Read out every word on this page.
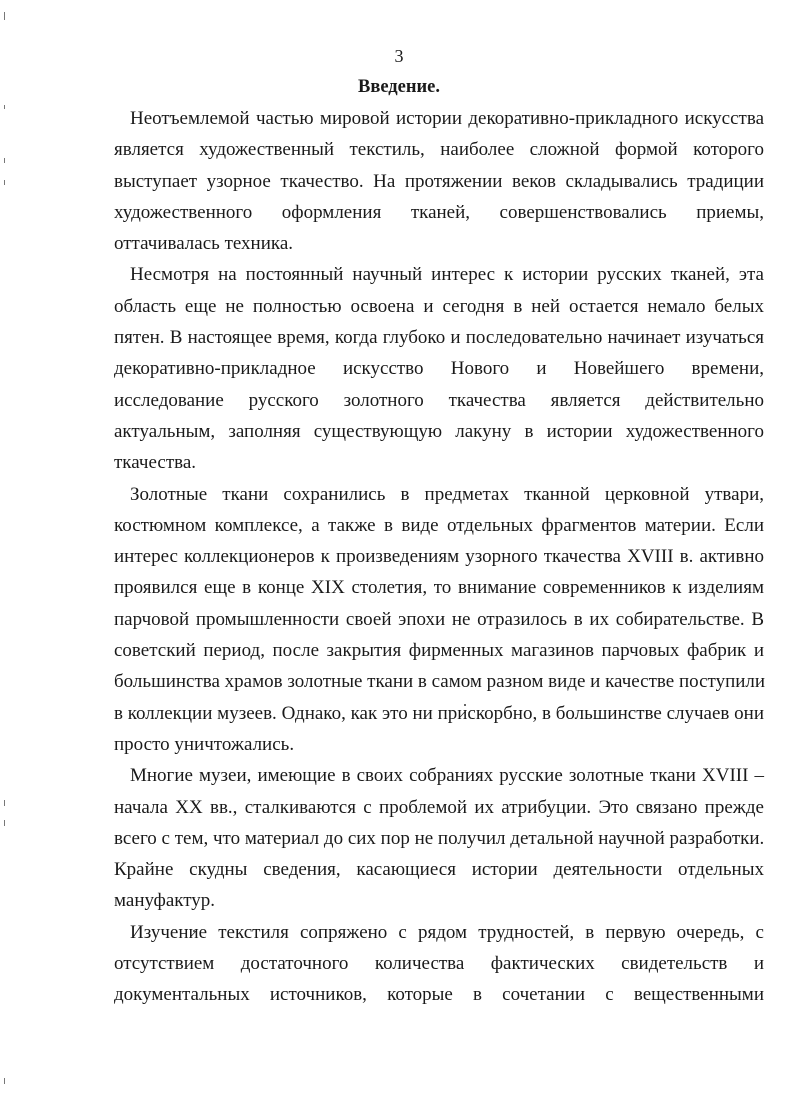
3
Введение.
Неотъемлемой частью мировой истории декоративно-прикладного искусства
является художественный текстиль, наиболее сложной формой которого
выступает узорное ткачество. На протяжении веков складывались традиции
художественного оформления тканей, совершенствовались приемы,
оттачивалась техника.
Несмотря на постоянный научный интерес к истории русских тканей, эта
область еще не полностью освоена и сегодня в ней остается немало белых
пятен. В настоящее время, когда глубоко и последовательно начинает изучаться
декоративно-прикладное искусство Нового и Новейшего времени,
исследование русского золотного ткачества является действительно
актуальным, заполняя существующую лакуну в истории художественного
ткачества.
Золотные ткани сохранились в предметах тканной церковной утвари,
костюмном комплексе, а также в виде отдельных фрагментов материи. Если
интерес коллекционеров к произведениям узорного ткачества XVIII в. активно
проявился еще в конце XIX столетия, то внимание современников к изделиям
парчовой промышленности своей эпохи не отразилось в их собирательстве. В
советский период, после закрытия фирменных магазинов парчовых фабрик и
большинства храмов золотные ткани в самом разном виде и качестве поступили
в коллекции музеев. Однако, как это ни прискорбно, в большинстве случаев они
просто уничтожались.
Многие музеи, имеющие в своих собраниях русские золотные ткани XVIII –
начала XX вв., сталкиваются с проблемой их атрибуции. Это связано прежде
всего с тем, что материал до сих пор не получил детальной научной разработки.
Крайне скудны сведения, касающиеся истории деятельности отдельных
мануфактур.
Изучение текстиля сопряжено с рядом трудностей, в первую очередь, с
отсутствием достаточного количества фактических свидетельств и
документальных источников, которые в сочетании с вещественными
